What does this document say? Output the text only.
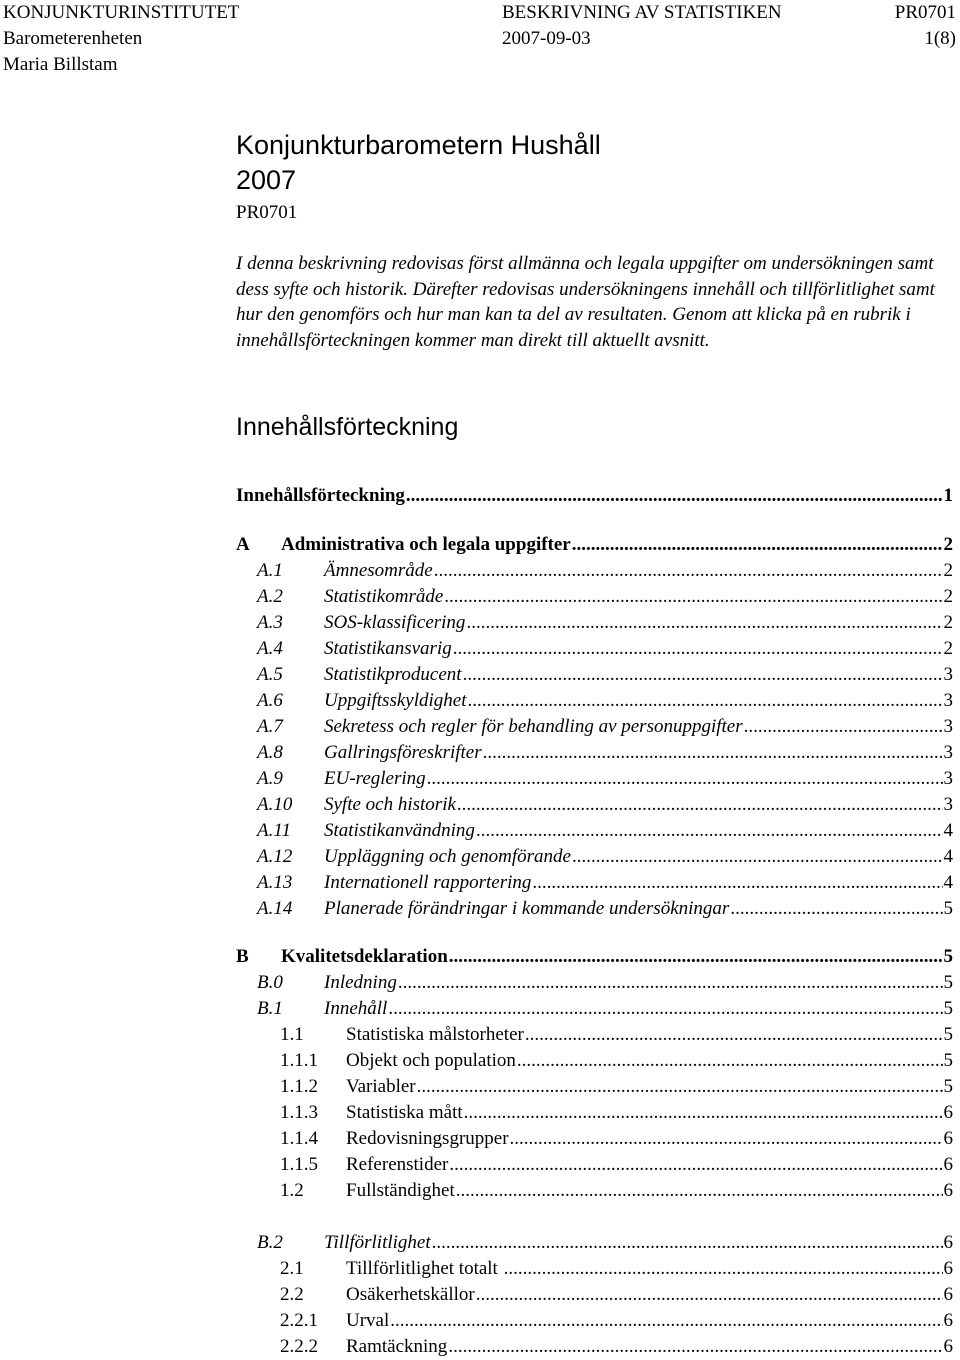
KONJUNKTURINSTITUTET	BESKRIVNING AV STATISTIKEN	PR0701
Barometerenheten	2007-09-03	1(8)
Maria Billstam
Konjunkturbarometern Hushåll
2007
PR0701

I denna beskrivning redovisas först allmänna och legala uppgifter om undersökningen samt dess syfte och historik. Därefter redovisas undersökningens innehåll och tillförlitlighet samt hur den genomförs och hur man kan ta del av resultaten. Genom att klicka på en rubrik i innehållsförteckningen kommer man direkt till aktuellt avsnitt.

Innehållsförteckning
Innehållsförteckning .....	1
A Administrativa och legala uppgifter .....	2
A.1 Ämnesområde .....	2
A.2 Statistikområde .....	2
A.3 SOS-klassificering .....	2
A.4 Statistikansvarig .....	2
A.5 Statistikproducent .....	3
A.6 Uppgiftsskyldighet .....	3
A.7 Sekretess och regler för behandling av personuppgifter .....	3
A.8 Gallringsföreskrifter .....	3
A.9 EU-reglering .....	3
A.10 Syfte och historik .....	3
A.11 Statistikanvändning .....	4
A.12 Uppläggning och genomförande .....	4
A.13 Internationell rapportering .....	4
A.14 Planerade förändringar i kommande undersökningar .....	5
B Kvalitetsdeklaration .....	5
B.0 Inledning .....	5
B.1 Innehåll .....	5
1.1 Statistiska målstorheter .....	5
1.1.1 Objekt och population .....	5
1.1.2 Variabler .....	5
1.1.3 Statistiska mått .....	6
1.1.4 Redovisningsgrupper .....	6
1.1.5 Referenstider .....	6
1.2 Fullständighet .....	6
B.2 Tillförlitlighet .....	6
2.1 Tillförlitlighet totalt .....	6
2.2 Osäkerhetskällor .....	6
2.2.1 Urval .....	6
2.2.2 Ramtäckning .....	6
